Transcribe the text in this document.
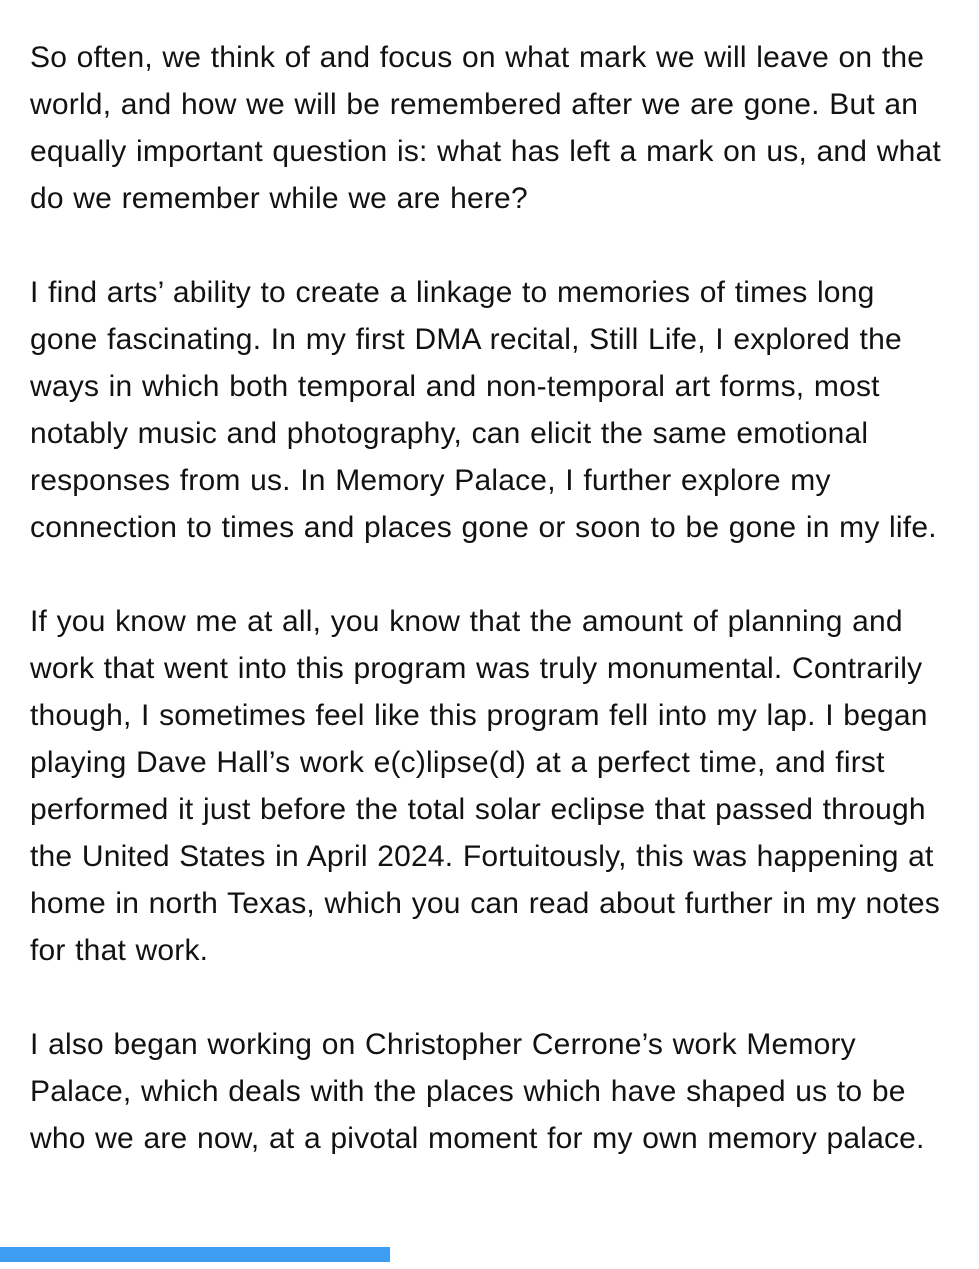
So often, we think of and focus on what mark we will leave on the world, and how we will be remembered after we are gone. But an equally important question is: what has left a mark on us, and what do we remember while we are here?

I find arts’ ability to create a linkage to memories of times long gone fascinating. In my first DMA recital, Still Life, I explored the ways in which both temporal and non-temporal art forms, most notably music and photography, can elicit the same emotional responses from us. In Memory Palace, I further explore my connection to times and places gone or soon to be gone in my life.

If you know me at all, you know that the amount of planning and work that went into this program was truly monumental. Contrarily though, I sometimes feel like this program fell into my lap. I began playing Dave Hall’s work e(c)lipse(d) at a perfect time, and first performed it just before the total solar eclipse that passed through the United States in April 2024. Fortuitously, this was happening at home in north Texas, which you can read about further in my notes for that work.

I also began working on Christopher Cerrone’s work Memory Palace, which deals with the places which have shaped us to be who we are now, at a pivotal moment for my own memory palace.
